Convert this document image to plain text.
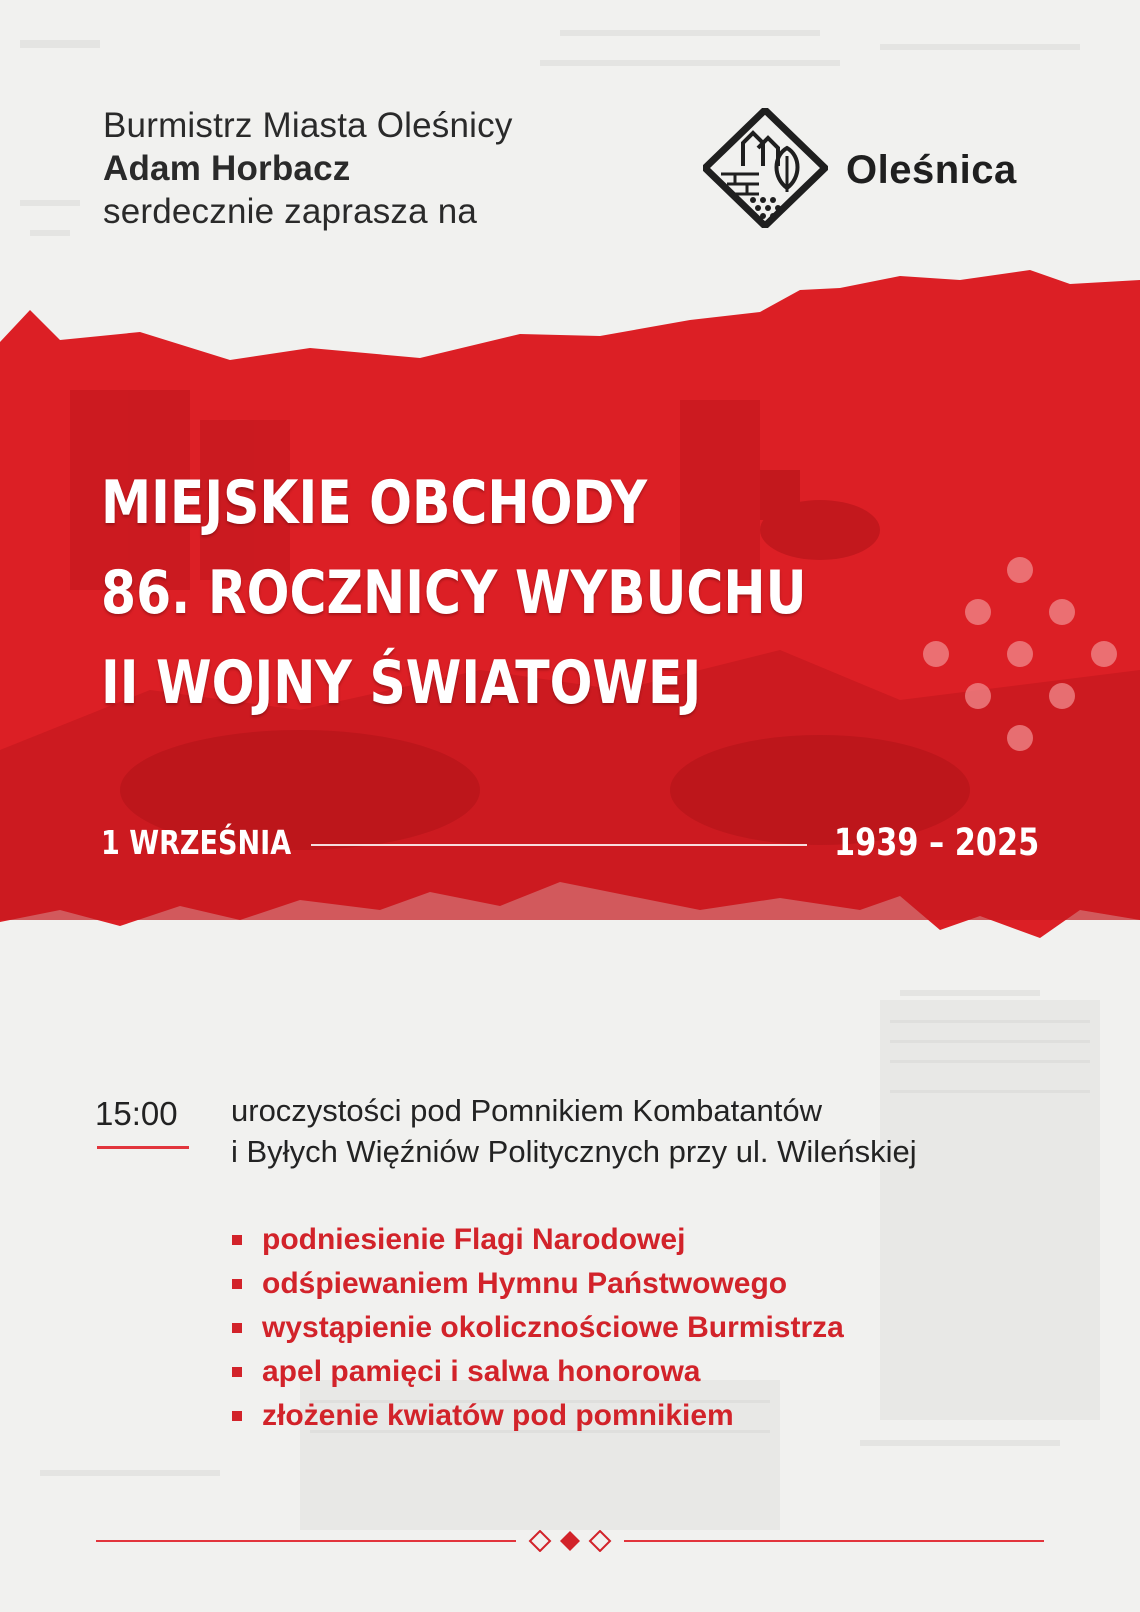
Burmistrz Miasta Oleśnicy
Adam Horbacz
serdecznie zaprasza na
Oleśnica
MIEJSKIE OBCHODY
86. ROCZNICY WYBUCHU
II WOJNY ŚWIATOWEJ
1 WRZEŚNIA	1939 – 2025
15:00 uroczystości pod Pomnikiem Kombatantów
i Byłych Więźniów Politycznych przy ul. Wileńskiej
podniesienie Flagi Narodowej
odśpiewaniem Hymnu Państwowego
wystąpienie okolicznościowe Burmistrza
apel pamięci i salwa honorowa
złożenie kwiatów pod pomnikiem
